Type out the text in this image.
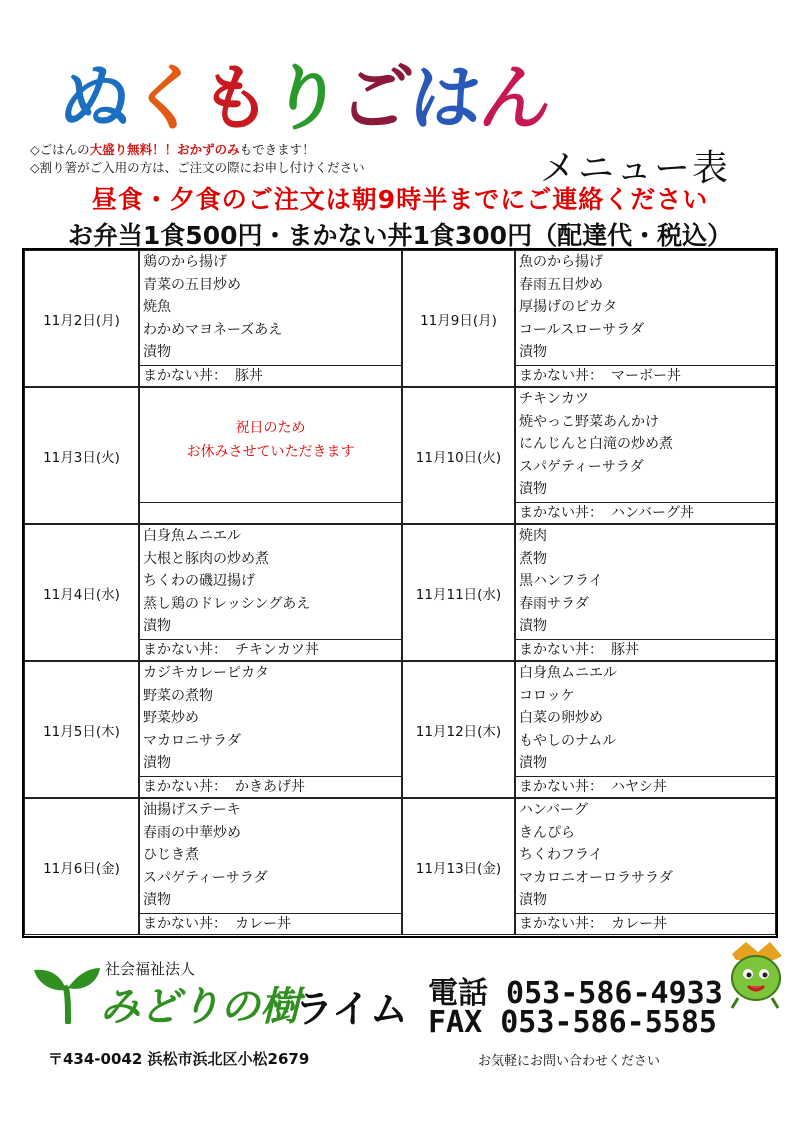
ぬ
く
も
り
ご
は
ん
メニュー表
◇ごはんの大盛り無料！！おかずのみもできます！
◇割り箸がご入用の方は、ご注文の際にお申し付けください
昼食・夕食のご注文は朝9時半までにご連絡ください
お弁当1食500円・まかない丼1食300円（配達代・税込）
11月2日(月)
鶏のから揚げ
青菜の五目炒め
焼魚
わかめマヨネーズあえ
漬物
まかない丼： 豚丼
11月3日(火)
祝日のため
お休みさせていただきます
11月4日(水)
白身魚ムニエル
大根と豚肉の炒め煮
ちくわの磯辺揚げ
蒸し鶏のドレッシングあえ
漬物
まかない丼： チキンカツ丼
11月5日(木)
カジキカレーピカタ
野菜の煮物
野菜炒め
マカロニサラダ
漬物
まかない丼： かきあげ丼
11月6日(金)
油揚げステーキ
春雨の中華炒め
ひじき煮
スパゲティーサラダ
漬物
まかない丼： カレー丼
11月9日(月)
魚のから揚げ
春雨五目炒め
厚揚げのピカタ
コールスローサラダ
漬物
まかない丼： マーボー丼
11月10日(火)
チキンカツ
焼やっこ野菜あんかけ
にんじんと白滝の炒め煮
スパゲティーサラダ
漬物
まかない丼： ハンバーグ丼
11月11日(水)
焼肉
煮物
黒ハンフライ
春雨サラダ
漬物
まかない丼： 豚丼
11月12日(木)
白身魚ムニエル
コロッケ
白菜の卵炒め
もやしのナムル
漬物
まかない丼： ハヤシ丼
11月13日(金)
ハンバーグ
きんぴら
ちくわフライ
マカロニオーロラサラダ
漬物
まかない丼： カレー丼
社会福祉法人
みどりの樹
ライム 電話 053-586-4933
FAX 053-586-5585
〒434-0042 浜松市浜北区小松2679	お気軽にお問い合わせください
